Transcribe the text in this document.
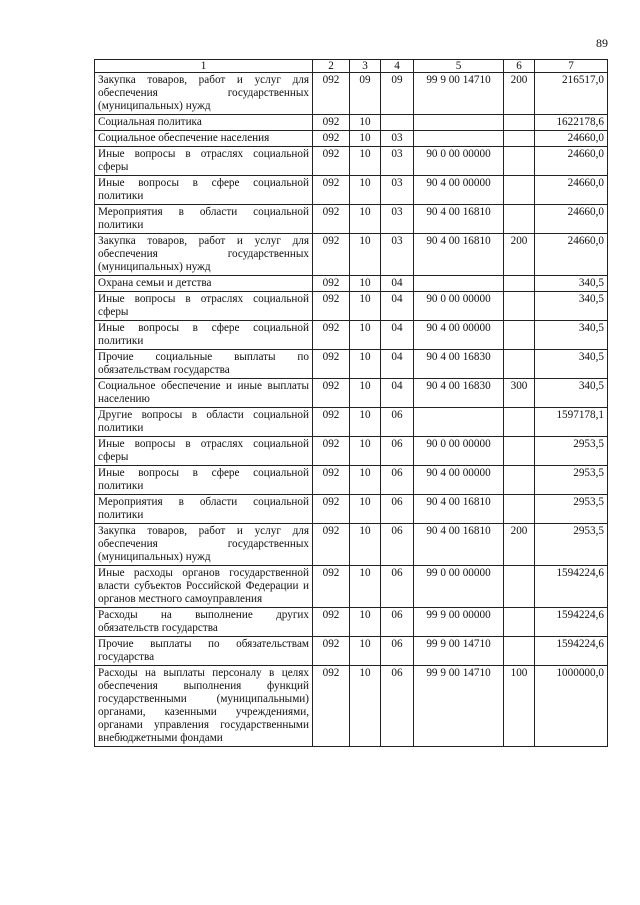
89
1	2	3	4	5	6	7
Закупка товаров, работ и услуг для обеспечения государственных (муниципальных) нужд	092	09	09	99 9 00 14710	200	216517,0
Социальная политика	092	10				1622178,6
Социальное обеспечение населения	092	10	03			24660,0
Иные вопросы в отраслях социальной сферы	092	10	03	90 0 00 00000		24660,0
Иные вопросы в сфере социальной политики	092	10	03	90 4 00 00000		24660,0
Мероприятия в области социальной политики	092	10	03	90 4 00 16810		24660,0
Закупка товаров, работ и услуг для обеспечения государственных (муниципальных) нужд	092	10	03	90 4 00 16810	200	24660,0
Охрана семьи и детства	092	10	04			340,5
Иные вопросы в отраслях социальной сферы	092	10	04	90 0 00 00000		340,5
Иные вопросы в сфере социальной политики	092	10	04	90 4 00 00000		340,5
Прочие социальные выплаты по обязательствам государства	092	10	04	90 4 00 16830		340,5
Социальное обеспечение и иные выплаты населению	092	10	04	90 4 00 16830	300	340,5
Другие вопросы в области социальной политики	092	10	06			1597178,1
Иные вопросы в отраслях социальной сферы	092	10	06	90 0 00 00000		2953,5
Иные вопросы в сфере социальной политики	092	10	06	90 4 00 00000		2953,5
Мероприятия в области социальной политики	092	10	06	90 4 00 16810		2953,5
Закупка товаров, работ и услуг для обеспечения государственных (муниципальных) нужд	092	10	06	90 4 00 16810	200	2953,5
Иные расходы органов государственной власти субъектов Российской Федерации и органов местного самоуправления	092	10	06	99 0 00 00000		1594224,6
Расходы на выполнение других обязательств государства	092	10	06	99 9 00 00000		1594224,6
Прочие выплаты по обязательствам государства	092	10	06	99 9 00 14710		1594224,6
Расходы на выплаты персоналу в целях обеспечения выполнения функций государственными (муниципальными) органами, казенными учреждениями, органами управления государственными внебюджетными фондами	092	10	06	99 9 00 14710	100	1000000,0
